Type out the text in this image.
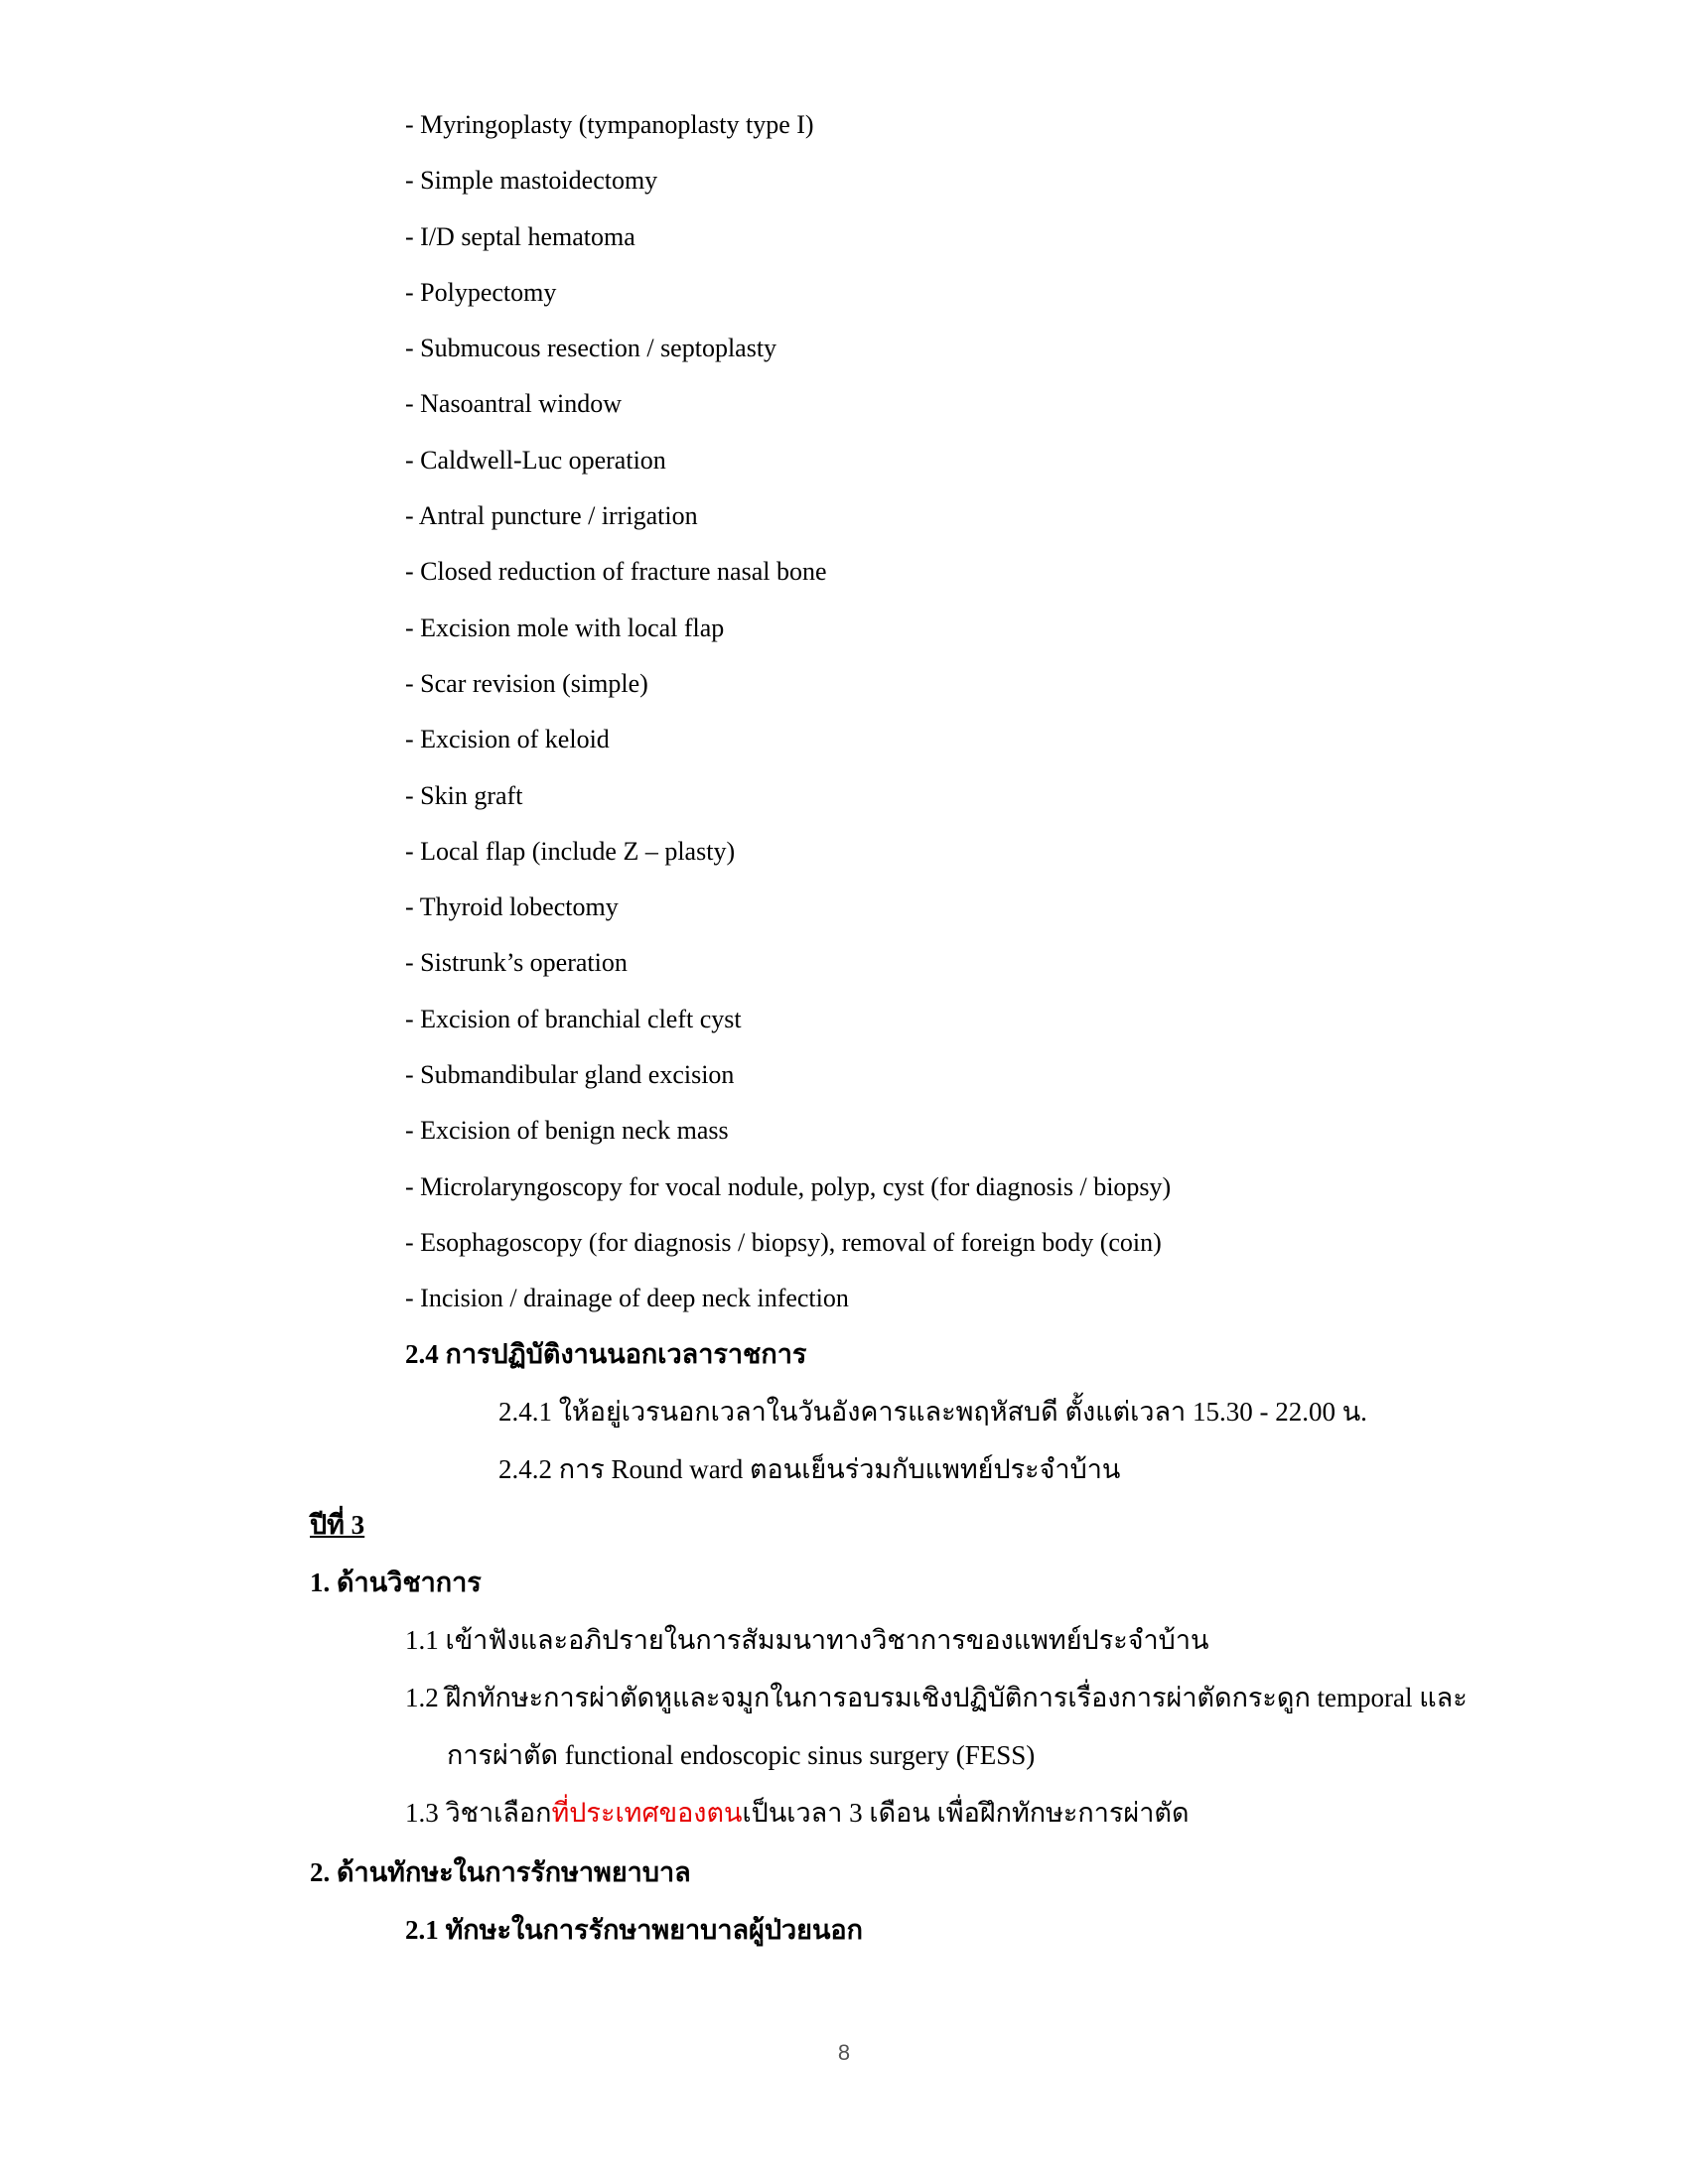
- Myringoplasty (tympanoplasty type I)
- Simple mastoidectomy
- I/D septal hematoma
- Polypectomy
- Submucous resection / septoplasty
- Nasoantral window
- Caldwell-Luc operation
- Antral puncture / irrigation
- Closed reduction of fracture nasal bone
- Excision mole with local flap
- Scar revision (simple)
- Excision of keloid
- Skin graft
- Local flap (include Z – plasty)
- Thyroid lobectomy
- Sistrunk’s operation
- Excision of branchial cleft cyst
- Submandibular gland excision
- Excision of benign neck mass
- Microlaryngoscopy for vocal nodule, polyp, cyst (for diagnosis / biopsy)
- Esophagoscopy (for diagnosis / biopsy), removal of foreign body (coin)
- Incision / drainage of deep neck infection
2.4 การปฏิบัติงานนอกเวลาราชการ
2.4.1 ให้อยู่เวรนอกเวลาในวันอังคารและพฤหัสบดี ตั้งแต่เวลา 15.30 - 22.00 น.
2.4.2 การ Round ward ตอนเย็นร่วมกับแพทย์ประจำบ้าน
ปีที่ 3
1. ด้านวิชาการ
1.1 เข้าฟังและอภิปรายในการสัมมนาทางวิชาการของแพทย์ประจำบ้าน
1.2 ฝึกทักษะการผ่าตัดหูและจมูกในการอบรมเชิงปฏิบัติการเรื่องการผ่าตัดกระดูก temporal และ
การผ่าตัด functional endoscopic sinus surgery (FESS)
1.3 วิชาเลือกที่ประเทศของตนเป็นเวลา 3 เดือน เพื่อฝึกทักษะการผ่าตัด
2. ด้านทักษะในการรักษาพยาบาล
2.1 ทักษะในการรักษาพยาบาลผู้ป่วยนอก
8
